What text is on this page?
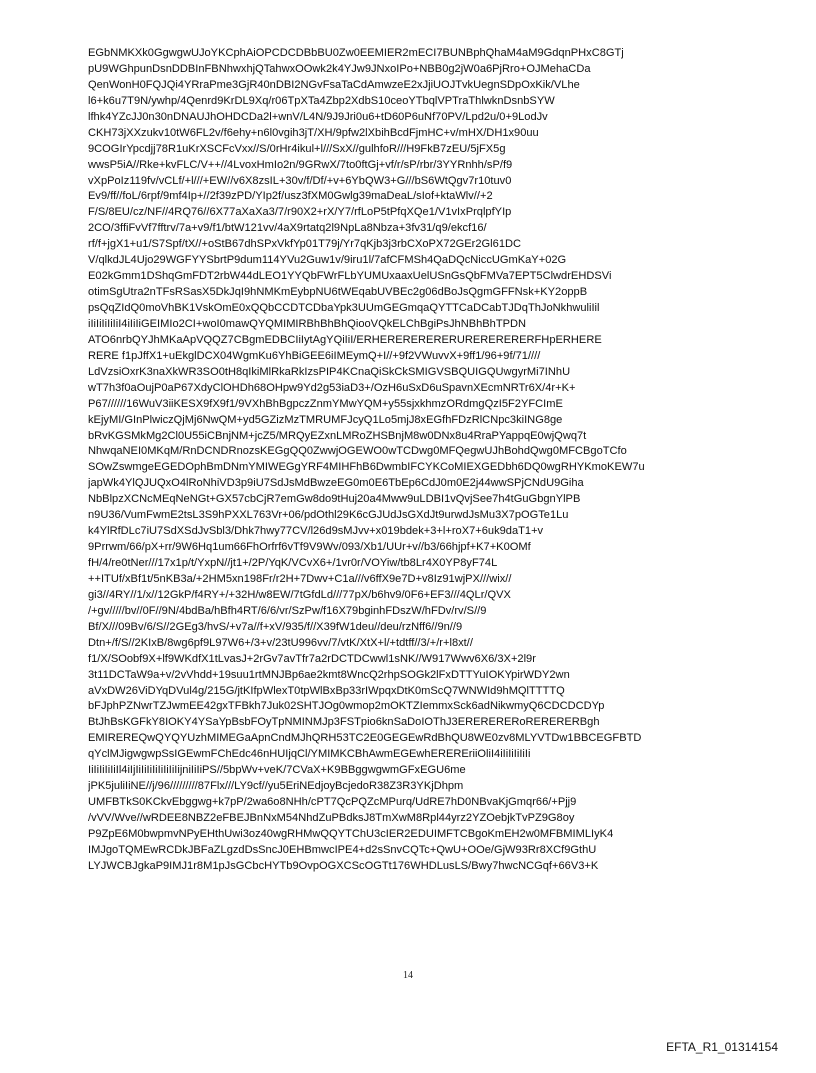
EGbNMKXk0GgwgwUJoYKCphAiOPCDCDBbBU0Zw0EEMIER2mECI7BUNBphQhaM4aM9GdqnPHxC8GTj
pU9WGhpunDsnDDBInFBNhwxhjQTahwxOOwk2k4YJw9JNxoIPo+NBB0g2jW0a6PjRro+OJMehaCDa
QenWonH0FQJQi4YRraPme3GjR40nDBI2NGvFsaTaCdAmwzeE2xJjiUOJTvkUegnSDpOxKik/VLhe
l6+k6u7T9N/ywhp/4Qenrd9KrDL9Xq/r06TpXTa4Zbp2XdbS10ceoYTbqlVPTraThlwknDsnbSYW
lfhk4YZcJJ0n30nDNAUJhOHDCDa2l+wnV/L4N/9J9Jri0u6+tD60P6uNf70PV/Lpd2u/0+9LodJv
CKH73jXXzukv10tW6FL2v/f6ehy+n6l0vgih3jT/XH/9pfw2lXbihBcdFjmHC+v/mHX/DH1x90uu
9COGIrYpcdjj78R1uKrXSCFcVxx//S/0rHr4ikul+l///SxX//gulhfoR///H9FkB7zEU/5jFX5g
wwsP5iA//Rke+kvFLC/V++//4LvoxHmIo2n/9GRwX/7to0ftGj+vf/r/sP/rbr/3YYRnhh/sP/f9
vXpPoIz119fv/vCLf/+l///+EW//v6X8zsIL+30v/f/Df/+v+6YbQW3+G///bS6WtQgv7r10tuv0
Ev9/ff//foL/6rpf/9mf4Ip+//2f39zPD/YIp2f/usz3fXM0Gwlg39maDeaL/sIof+ktaWlv//+2
F/S/8EU/cz/NF//4RQ76//6X77aXaXa3/7/r90X2+rX/Y7/rfLoP5tPfqXQe1/V1vIxPrqlpfYIp
2CO/3ffiFvVf7fftrv/7a+v9/f1/btW121vv/4aX9rtatq2l9NpLa8Nbza+3fv31/q9/ekcf16/
rf/f+jgX1+u1/S7Spf/tX//+oStB67dhSPxVkfYp01T79j/Yr7qKjb3j3rbCXoPX72GEr2Gl61DC
V/qlkdJL4Ujo29WGFYYSbrtP9dum114YVu2Guw1v/9iru1l/7afCFMSh4QaDQcNiccUGmKaY+02G
E02kGmm1DShqGmFDT2rbW44dLEO1YYQbFWrFLbYUMUxaaxUelUSnGsQbFMVa7EPT5ClwdrEHDSVi
otimSgUtra2nTFsRSasX5DkJqI9hNMKmEybpNU6tWEqabUVBEc2g06dBoJsQgmGFFNsk+KY2oppB
psQqZIdQ0moVhBK1VskOmE0xQQbCCDTCDbaYpk3UUmGEGmqaQYTTCaDCabTJDqThJoNkhwuliIil
iIiIiIiIiIiI4iIiIiGEIMIo2CI+woI0mawQYQMIMIRBhBhBhQiooVQkELChBgiPsJhNBhBhTPDN
ATO6nrbQYJhMKaApVQQZ7CBgmEDBCIiIytAgYQiIiI/ERHERERERERERURERERERERFHpERHERE
RERE f1pJffX1+uEkglDCX04WgmKu6YhBiGEE6iIMEymQ+I//+9f2VWuvvX+9ff1/96+9f/71////
LdVzsiOxrK3naXkWR3SO0tH8qIkiMlRkaRkIzsPIP4KCnaQiSkCkSMIGVSBQUIGQUwgyrMi7INhU
wT7h3f0aOujP0aP67XdyClOHDh68OHpw9Yd2g53iaD3+/OzH6uSxD6uSpavnXEcmNRTr6X/4r+K+
P67//////16WuV3iiKESX9fX9f1/9VXhBhBgpczZnmYMwYQM+y55sjxkhmzORdmgQzI5F2YFCImE
kEjyMI/GInPlwiczQjMj6NwQM+yd5GZizMzTMRUMFJcyQ1Lo5mjJ8xEGfhFDzRlCNpc3kiING8ge
bRvKGSMkMg2Cl0U55iCBnjNM+jcZ5/MRQyEZxnLMRoZHSBnjM8w0DNx8u4RraPYappqE0wjQwq7t
NhwqaNEI0MKqM/RnDCNDRnozsKEGgQQ0ZwwjOGEWO0wTCDwg0MFQegwUJhBohdQwg0MFCBgoTCfo
SOwZswmgeEGEDOphBmDNmYMIWEGgYRF4MIHFhB6DwmbIFCYKCoMIEXGEDbh6DQ0wgRHYKmoKEW7u
japWk4YlQJUQxO4lRoNhiVD3p9iU7SdJsMdBwzeEG0m0E6TbEp6CdJ0m0E2j44wwSPjCNdU9Giha
NbBlpzXCNcMEqNeNGt+GX57cbCjR7emGw8do9tHuj20a4Mww9uLDBI1vQvjSee7h4tGuGbgnYlPB
n9U36/VumFwmE2tsL3S9hPXXL763Vr+06/pdOthl29K6cGJUdJsGXdJt9urwdJsMu3X7pOGTe1Lu
k4YlRfDLc7iU7SdXSdJvSbl3/Dhk7hwy77CV/l26d9sMJvv+x019bdek+3+l+roX7+6uk9daT1+v
9Prrwm/66/pX+rr/9W6Hq1um66FhOrfrf6vTf9V9Wv/093/Xb1/UUr+v//b3/66hjpf+K7+K0OMf
fH/4/re0tNer///17x1p/t/YxpN//jt1+/2P/YqK/VCvX6+/1vr0r/VOYiw/tb8Lr4X0YP8yF74L
++ITUf/xBf1t/5nKB3a/+2HM5xn198Fr/r2H+7Dwv+C1a///v6ffX9e7D+v8Iz91wjPX///wix//
gi3//4RY//1/x//12GkP/f4RY+/+32H/w8EW/7tGfdLd///77pX/b6hv9/0F6+EF3///4QLr/QVX
/+gv/////bv//0F//9N/4bdBa/hBfh4RT/6/6/vr/SzPw/f16X79bginhFDszW/hFDv/rv/S//9
Bf/X///09Bv/6/S//2GEg3/hvS/+v7a//f+xV/935/f//X39fW1deu//deu/rzNff6//9n//9
Dtn+/f/S//2KIxB/8wg6pf9L97W6+/3+v/23tU996vv/7/vtK/XtX+l/+tdtff//3/+/r+l8xt//
f1/X/SOobf9X+lf9WKdfX1tLvasJ+2rGv7avTfr7a2rDCTDCwwl1sNK//W917Wwv6X6/3X+2l9r
3t11DCTaW9a+v/2vVhdd+19suu1rtMNJBp6ae2kmt8WncQ2rhpSOGk2lFxDTTYuIOKYpirWDY2wn
aVxDW26ViDYqDVul4g/215G/jtKIfpWlexT0tpWlBxBp33rIWpqxDtK0mScQ7WNWId9hMQlTTTTQ
bFJphPZNwrTZJwmEE42gxTFBkh7Juk02SHTJOg0wmop2mOKTZIemmxSck6adNikwmyQ6CDCDCDYp
BtJhBsKGFkY8IOKY4YSaYpBsbFOyTpNMINMJp3FSTpio6knSaDoIOThJ3ERERERERoRERERERBgh
EMIREREQwQYQYUzhMIMEGaApnCndMJhQRH53TC2E0GEGEwRdBhQU8WE0zv8MLYVTDw1BBCEGFBTD
qYclMJigwgwpSsIGEwmFChEdc46nHUIjqCl/YMIMKCBhAwmEGEwhEREREriiOliI4iIiIiIiIiIi
IiIiIiIiIiIl4iIjIiIiIiIiIiIiIiIijniIiIiPS//5bpWv+veK/7CVaX+K9BBggwgwmGFxEGU6me
jPK5juliIiNE//j/96/////////87Flx///LY9cf//yu5EriNEdjoyBcjedoR38Z3R3YKjDhpm
UMFBTkS0KCkvEbggwg+k7pP/2wa6o8NHh/cPT7QcPQZcMPurq/UdRE7hD0NBvaKjGmqr66/+Pjj9
/vVV/Wve//wRDEE8NBZ2eFBEJBnNxM54NhdZuPBdksJ8TmXwM8Rpl44yrz2YZOebjkTvPZ9G8oy
P9ZpE6M0bwpmvNPyEHthUwi3oz40wgRHMwQQYTChU3cIER2EDUIMFTCBgoKmEH2w0MFBMIMLIyK4
IMJgoTQMEwRCDkJBFaZLgzdDsSncJ0EHBmwcIPE4+d2sSnvCQTc+QwU+OOe/GjW93Rr8XCf9GthU
LYJWCBJgkaP9IMJ1r8M1pJsGCbcHYTb9OvpOGXCScOGTt176WHDLusLS/Bwy7hwcNCGqf+66V3+K
14
EFTA_R1_01314154
